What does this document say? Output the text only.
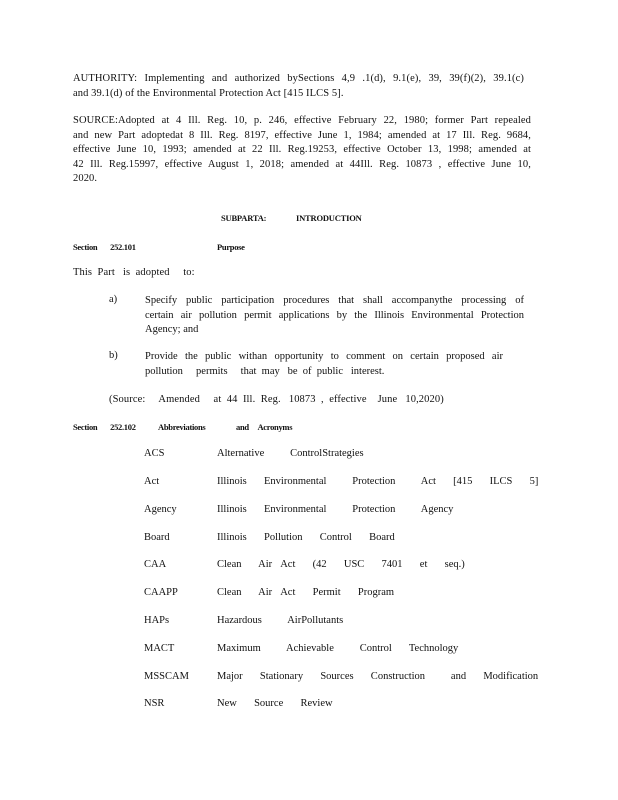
AUTHORITY: Implementing and authorized bySections 4,9 .1(d), 9.1(e), 39, 39(f)(2), 39.1(c)
and 39.1(d) of the Environmental Protection Act [415 ILCS 5].
SOURCE:Adopted at 4 Ill. Reg. 10, p. 246, effective February 22, 1980; former Part repealed
and new Part adoptedat 8 Ill. Reg. 8197, effective June 1, 1984; amended at 17 Ill. Reg. 9684,
effective June 10, 1993; amended at 22 Ill. Reg.19253, effective October 13, 1998; amended at
42 Ill. Reg.15997, effective August 1, 2018; amended at 44Ill. Reg. 10873 , effective June 10,
2020.
SUBPARTA:	INTRODUCTION
Section       252.101	Purpose
This  Part   is  adopted     to:
a)	Specify public participation procedures that shall accompanythe processing of
certain air pollution permit applications by the Illinois Environmental Protection
Agency; and
b)	Provide the public withan opportunity to comment on certain proposed air
pollution     permits     that  may   be  of  public   interest.
(Source:     Amended     at  44  Ill.  Reg.   10873  ,  effective    June   10,2020)
Section       252.102	Abbreviations	and     Acronyms
ACS	Alternative   ControlStrategies
Act	Illinois  Environmental   Protection   Act  [415  ILCS  5]
Agency	Illinois  Environmental   Protection   Agency
Board	Illinois  Pollution  Control  Board
CAA	Clean  Air Act  (42  USC  7401  et  seq.)
CAAPP	Clean  Air Act  Permit  Program
HAPs	Hazardous   AirPollutants
MACT	Maximum   Achievable   Control  Technology
MSSCAM	Major  Stationary  Sources  Construction   and  Modification
NSR	New  Source  Review
